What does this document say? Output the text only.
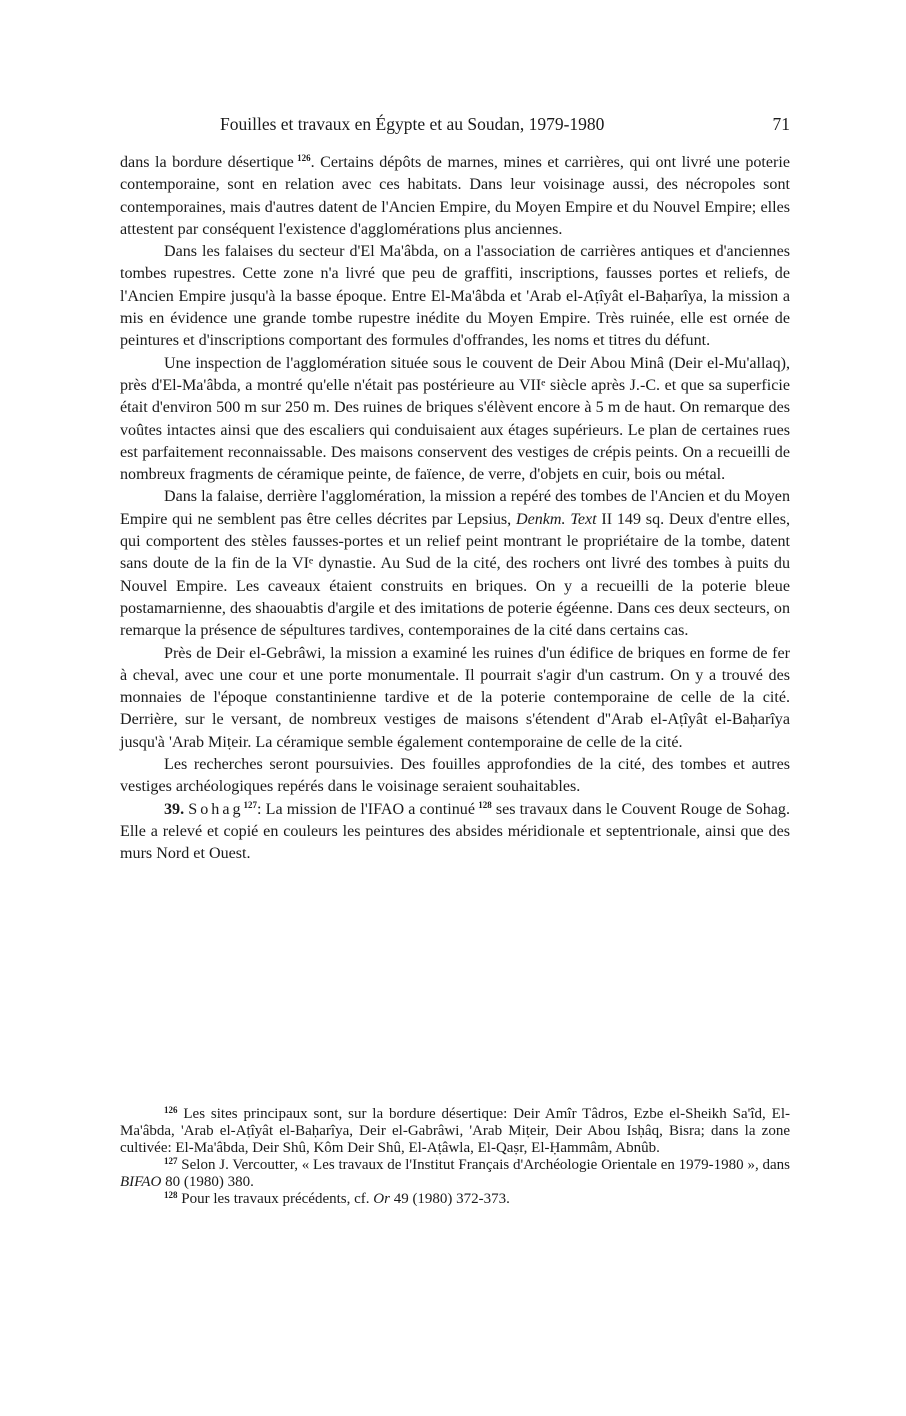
Fouilles et travaux en Égypte et au Soudan, 1979-1980	71

dans la bordure désertique  $^{126}$. Certains dépôts de marnes, mines et carrières, qui ont livré une poterie contemporaine, sont en relation avec ces habitats. Dans leur voisinage aussi, des nécropoles sont contemporaines, mais d'autres datent de l'Ancien Empire, du Moyen Empire et du Nouvel Empire; elles attestent par conséquent l'existence d'agglomérations plus anciennes.

Dans les falaises du secteur d'El Ma'âbda, on a l'association de carrières antiques et d'anciennes tombes rupestres. Cette zone n'a livré que peu de graffiti, inscriptions, fausses portes et reliefs, de l'Ancien Empire jusqu'à la basse époque. Entre El-Ma'âbda et 'Arab el-Aṭîyât el-Baḥarîya, la mission a mis en évidence une grande tombe rupestre inédite du Moyen Empire. Très ruinée, elle est ornée de peintures et d'inscriptions comportant des formules d'offrandes, les noms et titres du défunt.

Une inspection de l'agglomération située sous le couvent de Deir Abou Minâ (Deir el-Mu'allaq), près d'El-Ma'âbda, a montré qu'elle n'était pas postérieure au VIIᵉ siècle après J.-C. et que sa superficie était d'environ 500 m sur 250 m. Des ruines de briques s'élèvent encore à 5 m de haut. On remarque des voûtes intactes ainsi que des escaliers qui conduisaient aux étages supérieurs. Le plan de certaines rues est parfaitement reconnaissable. Des maisons conservent des vestiges de crépis peints. On a recueilli de nombreux fragments de céramique peinte, de faïence, de verre, d'objets en cuir, bois ou métal.

Dans la falaise, derrière l'agglomération, la mission a repéré des tombes de l'Ancien et du Moyen Empire qui ne semblent pas être celles décrites par Lepsius, Denkm. Text II 149 sq. Deux d'entre elles, qui comportent des stèles fausses-portes et un relief peint montrant le propriétaire de la tombe, datent sans doute de la fin de la VIᵉ dynastie. Au Sud de la cité, des rochers ont livré des tombes à puits du Nouvel Empire. Les caveaux étaient construits en briques. On y a recueilli de la poterie bleue postamarnienne, des shaouabtis d'argile et des imitations de poterie égéenne. Dans ces deux secteurs, on remarque la présence de sépultures tardives, contemporaines de la cité dans certains cas.

Près de Deir el-Gebrâwi, la mission a examiné les ruines d'un édifice de briques en forme de fer à cheval, avec une cour et une porte monumentale. Il pourrait s'agir d'un castrum. On y a trouvé des monnaies de l'époque constantinienne tardive et de la poterie contemporaine de celle de la cité. Derrière, sur le versant, de nombreux vestiges de maisons s'étendent d''Arab el-Aṭîyât el-Baḥarîya jusqu'à 'Arab Miṭeir. La céramique semble également contemporaine de celle de la cité.

Les recherches seront poursuivies. Des fouilles approfondies de la cité, des tombes et autres vestiges archéologiques repérés dans le voisinage seraient souhaitables.

39. Sohag$^{127}$: La mission de l'IFAO a continué  $^{128}$ ses travaux dans le Couvent Rouge de Sohag. Elle a relevé et copié en couleurs les peintures des absides méridionale et septentrionale, ainsi que des murs Nord et Ouest.

$^{126}$ Les sites principaux sont, sur la bordure désertique: Deir Amîr Tâdros, Ezbe el-Sheikh Sa'îd, El-Ma'âbda, 'Arab el-Aṭîyât el-Baḥarîya, Deir el-Gabrâwi, 'Arab Miṭeir, Deir Abou Isḥâq, Bisra; dans la zone cultivée: El-Ma'âbda, Deir Shû, Kôm Deir Shû, El-Aṭâwla, El-Qaṣr, El-Ḥammâm, Abnûb.

$^{127}$ Selon J. Vercoutter, « Les travaux de l'Institut Français d'Archéologie Orientale en 1979-1980 », dans BIFAO 80 (1980) 380.

$^{128}$ Pour les travaux précédents, cf. Or 49 (1980) 372-373.
